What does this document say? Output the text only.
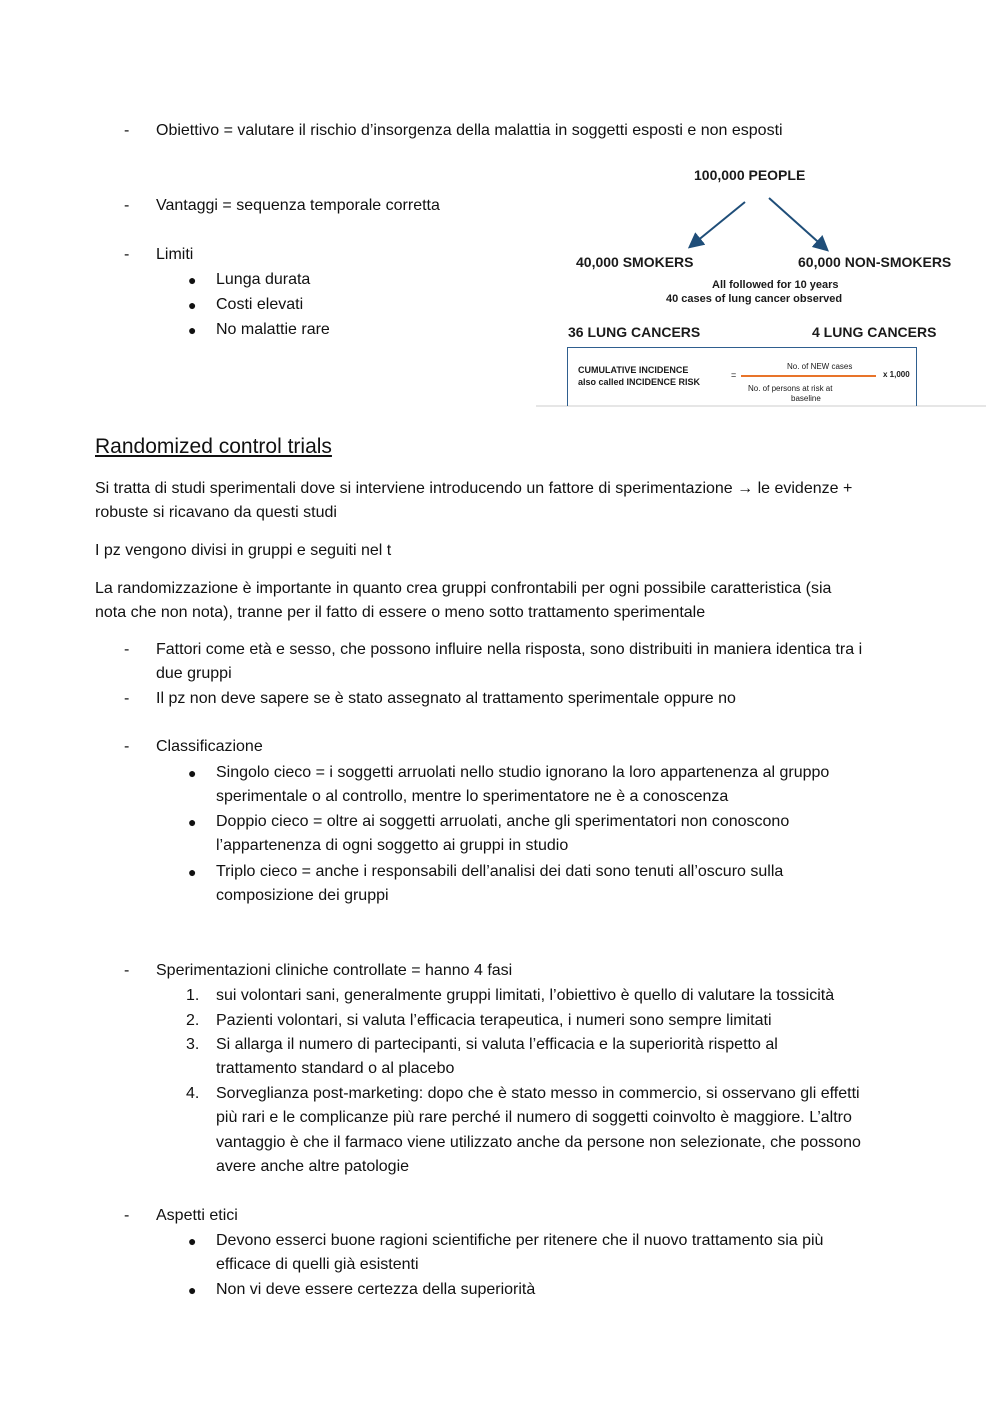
- Obiettivo = valutare il rischio d’insorgenza della malattia in soggetti esposti e non esposti
- Vantaggi = sequenza temporale corretta
- Limiti
● Lunga durata
● Costi elevati
● No malattie rare
100,000 PEOPLE
40,000 SMOKERS	60,000 NON-SMOKERS
All followed for 10 years
40 cases of lung cancer observed
36 LUNG CANCERS	4 LUNG CANCERS
CUMULATIVE INCIDENCE
also called INCIDENCE RISK
=
No. of NEW cases
No. of persons at risk at
baseline
x 1,000
Randomized control trials
Si tratta di studi sperimentali dove si interviene introducendo un fattore di sperimentazione → le evidenze +
robuste si ricavano da questi studi
I pz vengono divisi in gruppi e seguiti nel t
La randomizzazione è importante in quanto crea gruppi confrontabili per ogni possibile caratteristica (sia
nota che non nota), tranne per il fatto di essere o meno sotto trattamento sperimentale
- Fattori come età e sesso, che possono influire nella risposta, sono distribuiti in maniera identica tra i
due gruppi
- Il pz non deve sapere se è stato assegnato al trattamento sperimentale oppure no
- Classificazione
● Singolo cieco = i soggetti arruolati nello studio ignorano la loro appartenenza al gruppo
sperimentale o al controllo, mentre lo sperimentatore ne è a conoscenza
● Doppio cieco = oltre ai soggetti arruolati, anche gli sperimentatori non conoscono
l’appartenenza di ogni soggetto ai gruppi in studio
● Triplo cieco = anche i responsabili dell’analisi dei dati sono tenuti all’oscuro sulla
composizione dei gruppi
- Sperimentazioni cliniche controllate = hanno 4 fasi
1. sui volontari sani, generalmente gruppi limitati, l’obiettivo è quello di valutare la tossicità
2. Pazienti volontari, si valuta l’efficacia terapeutica, i numeri sono sempre limitati
3. Si allarga il numero di partecipanti, si valuta l’efficacia e la superiorità rispetto al
trattamento standard o al placebo
4. Sorveglianza post-marketing: dopo che è stato messo in commercio, si osservano gli effetti
più rari e le complicanze più rare perché il numero di soggetti coinvolto è maggiore. L’altro
vantaggio è che il farmaco viene utilizzato anche da persone non selezionate, che possono
avere anche altre patologie
- Aspetti etici
● Devono esserci buone ragioni scientifiche per ritenere che il nuovo trattamento sia più
efficace di quelli già esistenti
● Non vi deve essere certezza della superiorità
